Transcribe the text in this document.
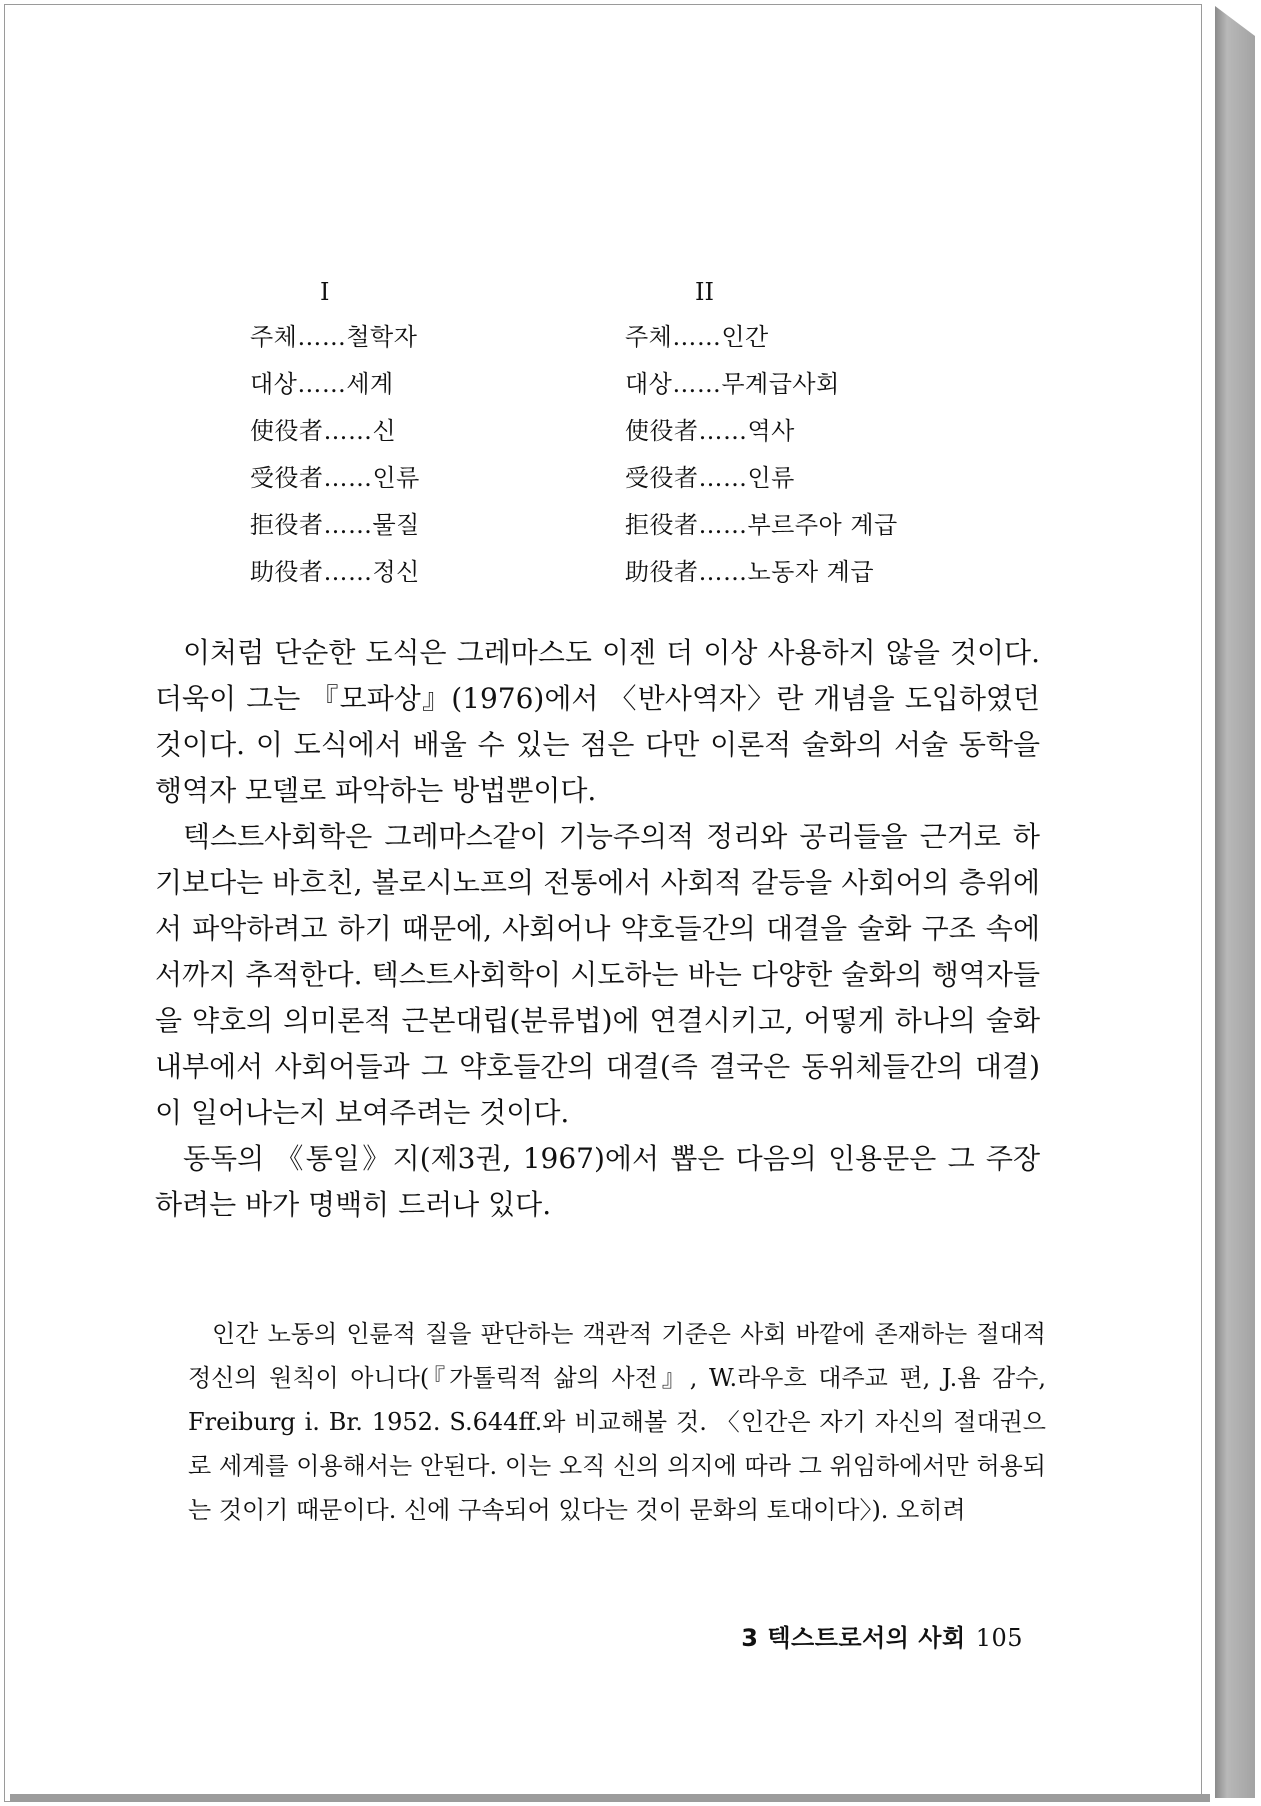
I
주체……철학자
대상……세계
使役者……신
受役者……인류
拒役者……물질
助役者……정신
II
주체……인간
대상……무계급사회
使役者……역사
受役者……인류
拒役者……부르주아 계급
助役者……노동자 계급

이처럼 단순한 도식은 그레마스도 이젠 더 이상 사용하지 않을 것이다. 더욱이 그는 『모파상』(1976)에서 〈반사역자〉란 개념을 도입하였던 것이다. 이 도식에서 배울 수 있는 점은 다만 이론적 술화의 서술 동학을 행역자 모델로 파악하는 방법뿐이다.

텍스트사회학은 그레마스같이 기능주의적 정리와 공리들을 근거로 하기보다는 바흐친, 볼로시노프의 전통에서 사회적 갈등을 사회어의 층위에서 파악하려고 하기 때문에, 사회어나 약호들간의 대결을 술화 구조 속에서까지 추적한다. 텍스트사회학이 시도하는 바는 다양한 술화의 행역자들을 약호의 의미론적 근본대립(분류법)에 연결시키고, 어떻게 하나의 술화 내부에서 사회어들과 그 약호들간의 대결(즉 결국은 동위체들간의 대결)이 일어나는지 보여주려는 것이다.

동독의 《통일》지(제3권, 1967)에서 뽑은 다음의 인용문은 그 주장하려는 바가 명백히 드러나 있다.

인간 노동의 인륜적 질을 판단하는 객관적 기준은 사회 바깥에 존재하는 절대적 정신의 원칙이 아니다(『가톨릭적 삶의 사전』, W.라우흐 대주교 편, J.욤 감수, Freiburg i. Br. 1952. S.644ff.와 비교해볼 것. 〈인간은 자기 자신의 절대권으로 세계를 이용해서는 안된다. 이는 오직 신의 의지에 따라 그 위임하에서만 허용되는 것이기 때문이다. 신에 구속되어 있다는 것이 문화의 토대이다〉). 오히려

3 텍스트로서의 사회 105
